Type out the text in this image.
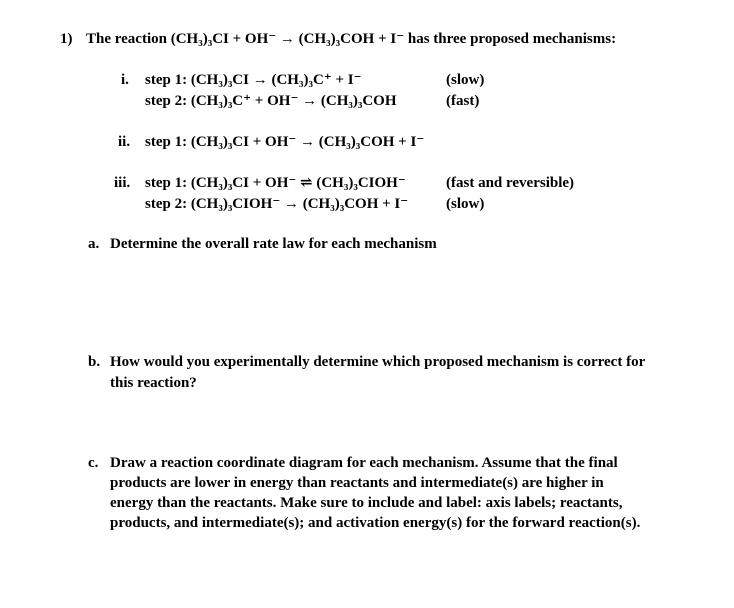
1) The reaction (CH₃)₃CI + OH⁻ → (CH₃)₃COH + I⁻ has three proposed mechanisms:
i. step 1: (CH₃)₃CI → (CH₃)₃C⁺ + I⁻	(slow)
step 2: (CH₃)₃C⁺ + OH⁻ → (CH₃)₃COH	(fast)
ii. step 1: (CH₃)₃CI + OH⁻ → (CH₃)₃COH + I⁻
iii. step 1: (CH₃)₃CI + OH⁻ ⇌ (CH₃)₃CIOH⁻	(fast and reversible)
step 2: (CH₃)₃CIOH⁻ → (CH₃)₃COH + I⁻	(slow)
a. Determine the overall rate law for each mechanism
b. How would you experimentally determine which proposed mechanism is correct for
this reaction?
c. Draw a reaction coordinate diagram for each mechanism. Assume that the final
products are lower in energy than reactants and intermediate(s) are higher in
energy than the reactants. Make sure to include and label: axis labels; reactants,
products, and intermediate(s); and activation energy(s) for the forward reaction(s).
